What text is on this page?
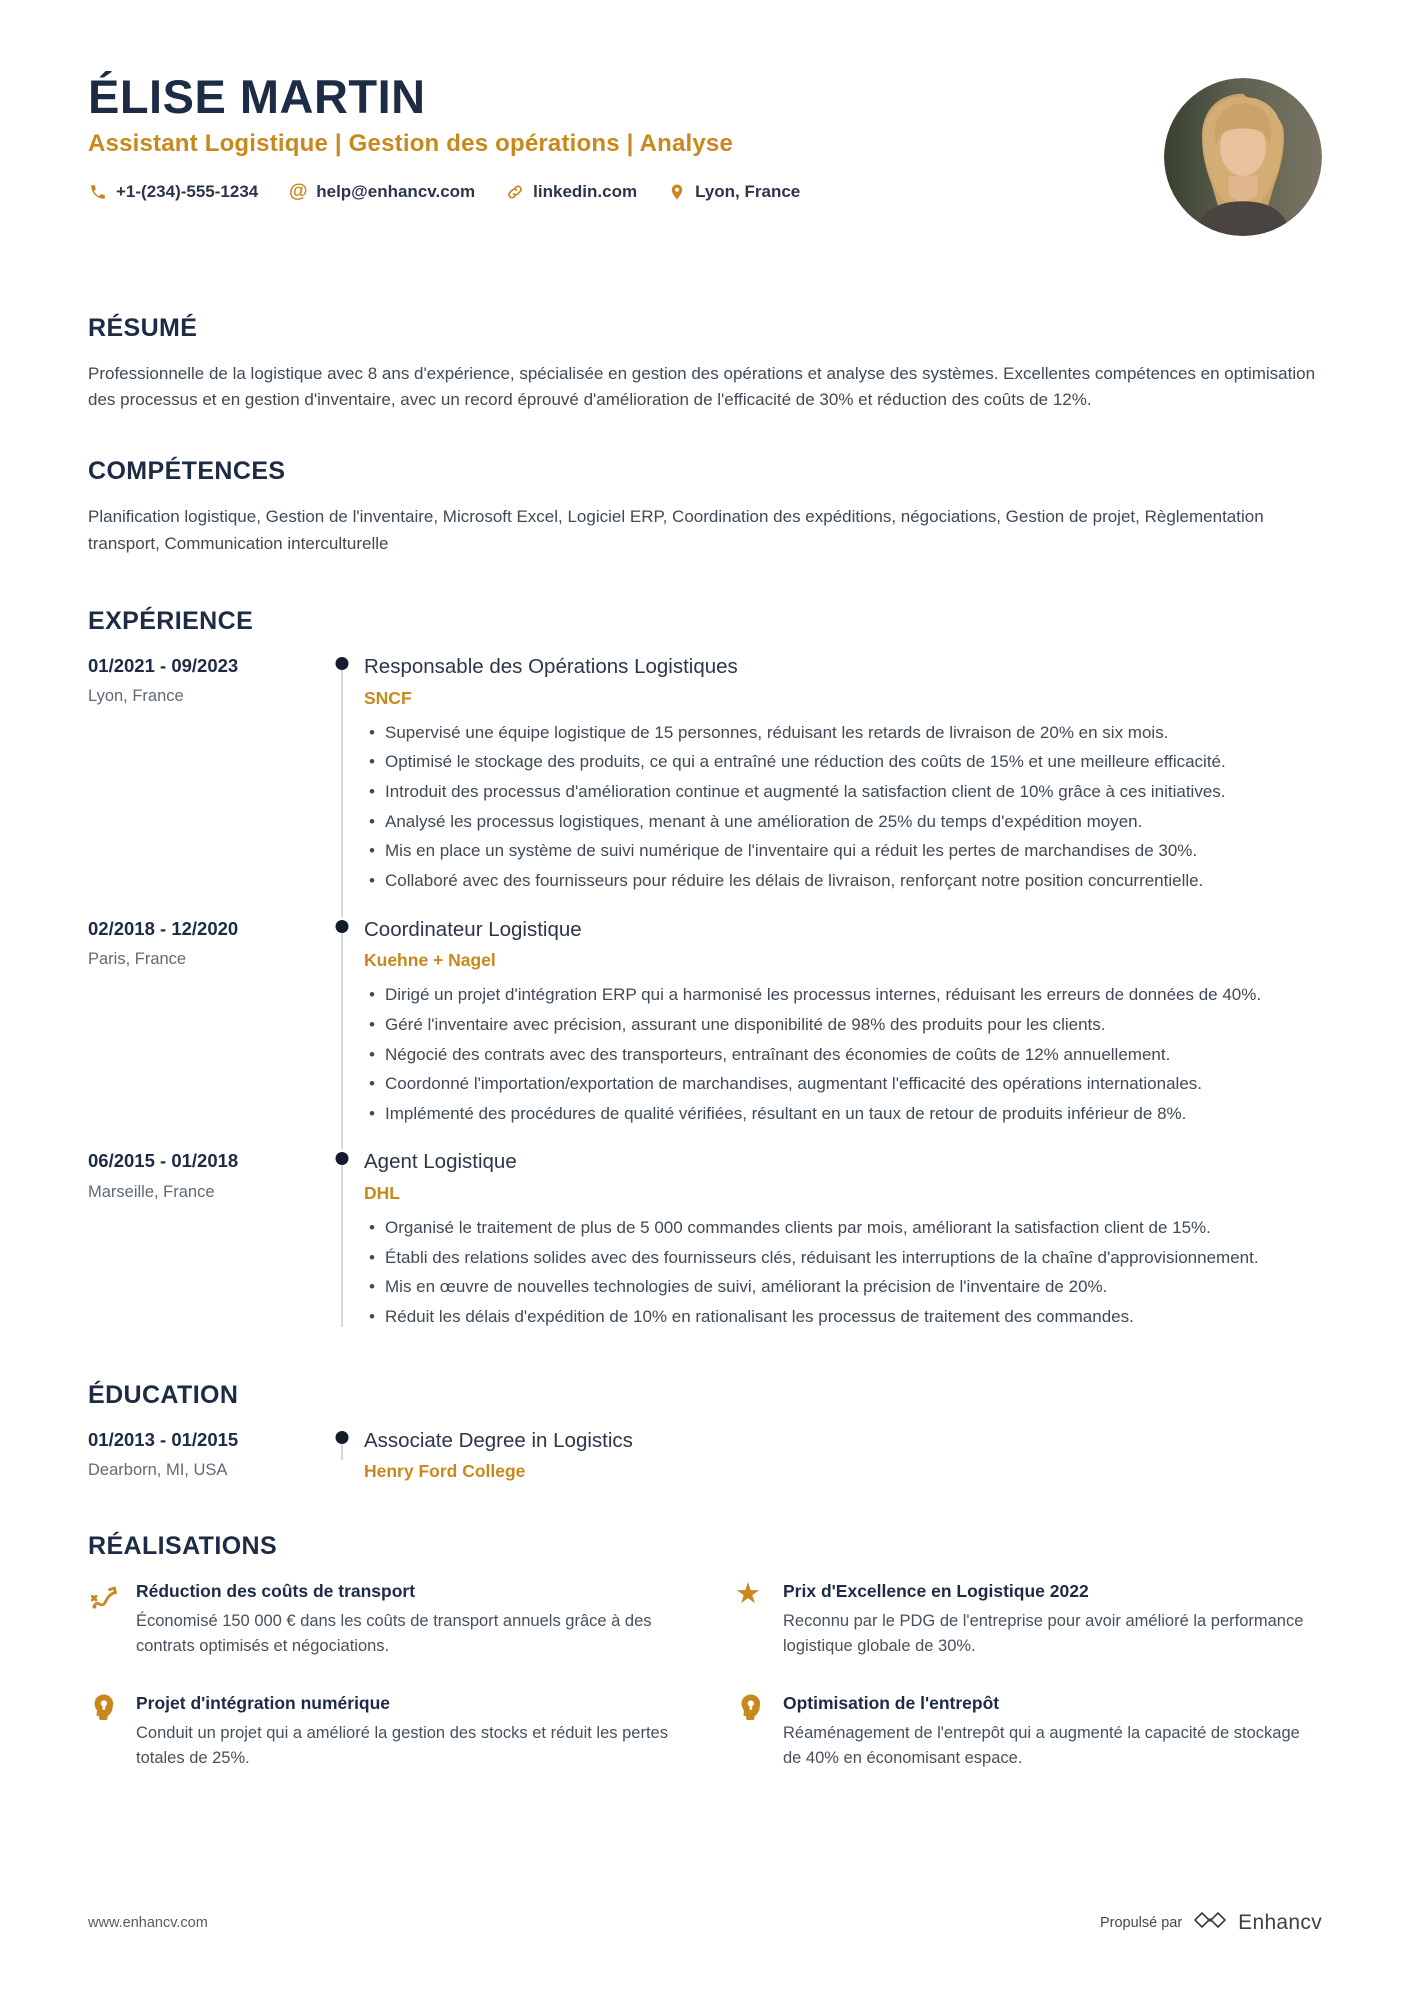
ÉLISE MARTIN
Assistant Logistique | Gestion des opérations | Analyse
+1-(234)-555-1234 @ help@enhancv.com	linkedin.com	Lyon, France
RÉSUMÉ

Professionnelle de la logistique avec 8 ans d'expérience, spécialisée en gestion des opérations et analyse des systèmes. Excellentes compétences en optimisation des processus et en gestion d'inventaire, avec un record éprouvé d'amélioration de l'efficacité de 30% et réduction des coûts de 12%.

COMPÉTENCES

Planification logistique, Gestion de l'inventaire, Microsoft Excel, Logiciel ERP, Coordination des expéditions, négociations, Gestion de projet, Règlementation transport, Communication interculturelle

EXPÉRIENCE
01/2021 - 09/2023
Lyon, France
Responsable des Opérations Logistiques
SNCF
• Supervisé une équipe logistique de 15 personnes, réduisant les retards de livraison de 20% en six mois.
• Optimisé le stockage des produits, ce qui a entraîné une réduction des coûts de 15% et une meilleure efficacité.
• Introduit des processus d'amélioration continue et augmenté la satisfaction client de 10% grâce à ces initiatives.
• Analysé les processus logistiques, menant à une amélioration de 25% du temps d'expédition moyen.
• Mis en place un système de suivi numérique de l'inventaire qui a réduit les pertes de marchandises de 30%.
• Collaboré avec des fournisseurs pour réduire les délais de livraison, renforçant notre position concurrentielle.
02/2018 - 12/2020
Paris, France
Coordinateur Logistique
Kuehne + Nagel
• Dirigé un projet d'intégration ERP qui a harmonisé les processus internes, réduisant les erreurs de données de 40%.
• Géré l'inventaire avec précision, assurant une disponibilité de 98% des produits pour les clients.
• Négocié des contrats avec des transporteurs, entraînant des économies de coûts de 12% annuellement.
• Coordonné l'importation/exportation de marchandises, augmentant l'efficacité des opérations internationales.
• Implémenté des procédures de qualité vérifiées, résultant en un taux de retour de produits inférieur de 8%.
06/2015 - 01/2018
Marseille, France
Agent Logistique
DHL
• Organisé le traitement de plus de 5 000 commandes clients par mois, améliorant la satisfaction client de 15%.
• Établi des relations solides avec des fournisseurs clés, réduisant les interruptions de la chaîne d'approvisionnement.
• Mis en œuvre de nouvelles technologies de suivi, améliorant la précision de l'inventaire de 20%.
• Réduit les délais d'expédition de 10% en rationalisant les processus de traitement des commandes.
ÉDUCATION
01/2013 - 01/2015
Dearborn, MI, USA
Associate Degree in Logistics
Henry Ford College
RÉALISATIONS
Réduction des coûts de transport

Économisé 150 000 € dans les coûts de transport annuels grâce à des contrats optimisés et négociations.

★	Prix d'Excellence en Logistique 2022

Reconnu par le PDG de l'entreprise pour avoir amélioré la performance logistique globale de 30%.

Projet d'intégration numérique

Conduit un projet qui a amélioré la gestion des stocks et réduit les pertes totales de 25%.

Optimisation de l'entrepôt

Réaménagement de l'entrepôt qui a augmenté la capacité de stockage de 40% en économisant espace.

www.enhancv.com	Propulsé par	Enhancv
